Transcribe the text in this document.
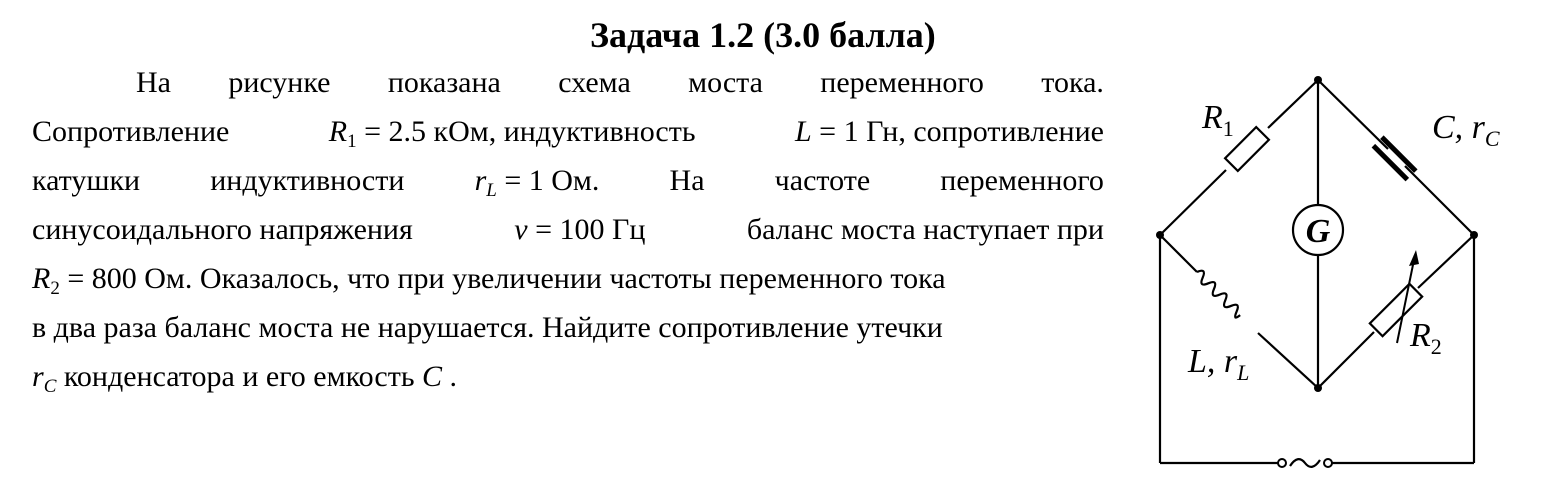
Задача 1.2 (3.0 балла)
На рисунке показана схема моста переменного тока.
Сопротивление	$R_1 = 2.5$ кОм, индуктивность	L = 1 Гн, сопротивление
катушки индуктивности $r_L = 1$ Ом. На частоте переменного
синусоидального напряжения	ν = 100 Гц	баланс моста наступает при
$R_2 = 800$ Ом. Оказалось, что при увеличении частоты переменного тока
в два раза баланс моста не нарушается. Найдите сопротивление утечки
$r_C$ конденсатора и его емкость C .
G
$R_1$	C, $r_C$
$R_2$
L, $r_L$
